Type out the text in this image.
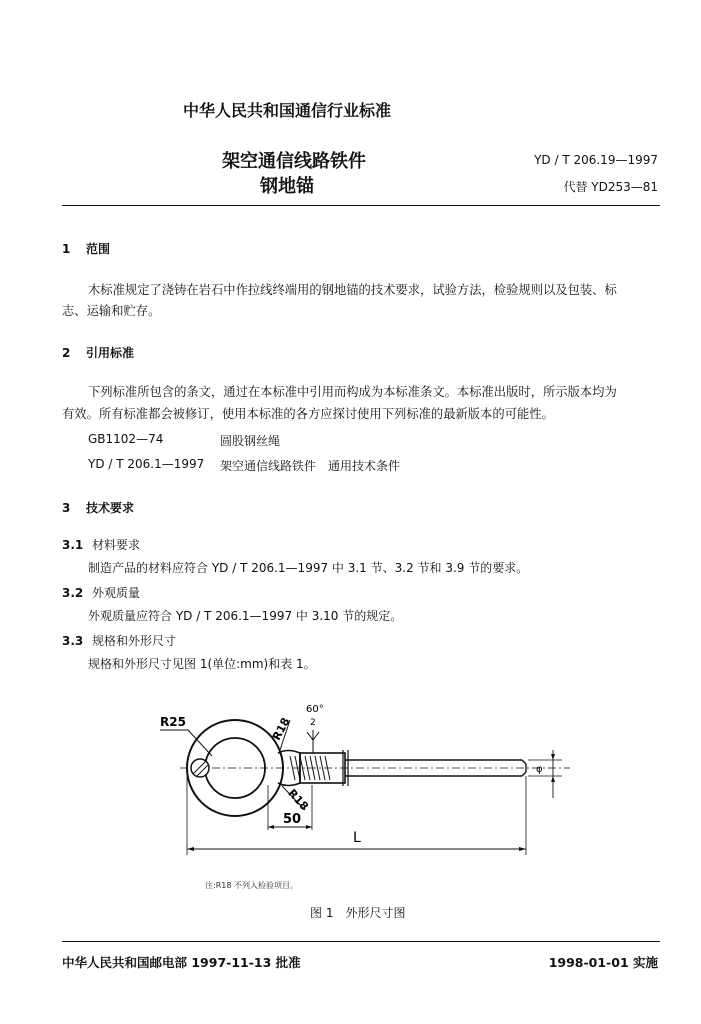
中华人民共和国通信行业标准
架空通信线路铁件
钢地锚
YD / T 206.19—1997
代替 YD253—81
1 范围
木标准规定了浇铸在岩石中作拉线终端用的钢地锚的技术要求，试验方法，检验规则以及包装、标
志、运输和贮存。
2 引用标准
下列标准所包含的条文，通过在本标准中引用而构成为本标准条文。本标准出版时，所示版本均为
有效。所有标准都会被修订，使用本标准的各方应探讨使用下列标准的最新版本的可能性。
GB1102—74	圆股钢丝绳
YD / T 206.1—1997 架空通信线路铁件　通用技术条件
3 技术要求
3.1 材料要求
制造产品的材料应符合 YD / T 206.1—1997 中 3.1 节、3.2 节和 3.9 节的要求。
3.2 外观质量
外观质量应符合 YD / T 206.1—1997 中 3.10 节的规定。
3.3 规格和外形尺寸
规格和外形尺寸见图 1(单位:mm)和表 1。
60°
2
R25	R18
R18
50
L
φ
注:R18 不列入检验项目。
图 1　外形尺寸图
中华人民共和国邮电部 1997-11-13 批准	1998-01-01 实施
